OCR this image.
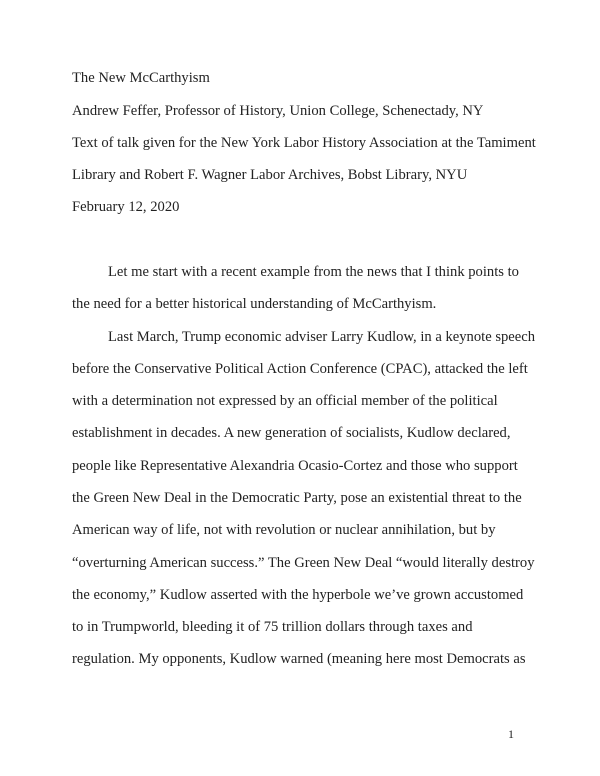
The New McCarthyism
Andrew Feffer, Professor of History, Union College, Schenectady, NY
Text of talk given for the New York Labor History Association at the Tamiment
Library and Robert F. Wagner Labor Archives, Bobst Library, NYU
February 12, 2020
Let me start with a recent example from the news that I think points to
the need for a better historical understanding of McCarthyism.
Last March, Trump economic adviser Larry Kudlow, in a keynote speech
before the Conservative Political Action Conference (CPAC), attacked the left
with a determination not expressed by an official member of the political
establishment in decades. A new generation of socialists, Kudlow declared,
people like Representative Alexandria Ocasio-Cortez and those who support
the Green New Deal in the Democratic Party, pose an existential threat to the
American way of life, not with revolution or nuclear annihilation, but by
“overturning American success.” The Green New Deal “would literally destroy
the economy,” Kudlow asserted with the hyperbole we’ve grown accustomed
to in Trumpworld, bleeding it of 75 trillion dollars through taxes and
regulation. My opponents, Kudlow warned (meaning here most Democrats as
1
